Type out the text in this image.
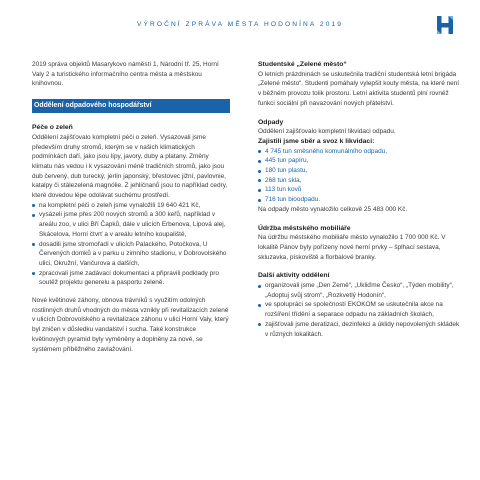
VÝROČNÍ ZPRÁVA MĚSTA HODONÍNA 2019

2019 správa objektů Masarykovo náměstí 1, Národní tř. 25, Horní Valy 2 a turistického informačního centra města a městskou knihovnou.

Oddělení odpadového hospodářství
Péče o zeleň

Oddělení zajišťovalo kompletní péči o zeleň. Vysazovali jsme především druhy stromů, kterým se v našich klimatických podmínkách daří, jako jsou lípy, javory, duby a platany. Změny klimatu nás vedou i k vysazování méně tradičních stromů, jako jsou dub červený, dub turecký, jerlín japonský, břestovec jižní, pavlovnie, katalpy či stálezelená magnólie. Z jehličnanů jsou to například cedry, které dovedou lépe odolávat suchému prostředí.

na kompletní péči o zeleň jsme vynaložili 19 640 421 Kč,
vysázeli jsme přes 200 nových stromů a 300 keřů, například v areálu zoo, v ulici Bří Čapků, dále v ulicích Erbenova, Lipová alej, Skácelova, Horní čtvrť a v areálu letního koupaliště,
dosadili jsme stromořadí v ulicích Palackého, Potočkova, U Červených domků a v parku u zimního stadionu, v Dobrovolského ulici, Okružní, Vančurova a dalších,
zpracovali jsme zadávací dokumentaci a připravili podklady pro soutěž projektu generelu a pasportu zeleně.

Nové květinové záhony, obnova trávníků s využitím odolných rostlinných druhů vhodných do města vznikly při revitalizacích zeleně v ulicích Dobrovolského a revitalizace záhonu v ulici Horní Valy, který byl zničen v důsledku vandalství i sucha. Také konstrukce květinových pyramid byly vyměněny a doplněny za nové, se systémem příběžného zavlažování.

Studentské „Zelené město“

O letních prázdninách se uskutečnila tradiční studentská letní brigáda „Zelené město“. Studenti pomáhaly vylepšit kouty města, na které není v běžném provozu tolik prostoru. Letní aktivita studentů plní rovněž funkci sociální při navazování nových přátelství.

Odpady

Oddělení zajišťovalo kompletní likvidaci odpadu.

Zajistili jsme sběr a svoz k likvidaci:
4 745 tun směsného komunálního odpadu,
445 tun papíru,
180 tun plastu,
268 tun skla,
113 tun kovů
716 tun bioodpadu.

Na odpady město vynaložilo celkově 25 483 000 Kč.

Údržba městského mobiliáře

Na údržbu městského mobiliáře město vynaložilo 1 700 000 Kč. V lokalitě Pánov byly pořízeny nové herní prvky – šplhací sestava, skluzavka, pískoviště a florbalové branky.

Další aktivity oddělení
organizovali jsme „Den Země“, „Ukliďme Česko“, „Týden mobility“, „Adoptuj svůj strom“, „Rozkvetlý Hodonín“,
ve spolupráci se společností EKOKOM se uskutečnila akce na rozšíření třídění a separace odpadu na základních školách,
zajišťovali jsme deratizaci, dezinfekci a úklidy nepovolených skládek v různých lokalitách.
